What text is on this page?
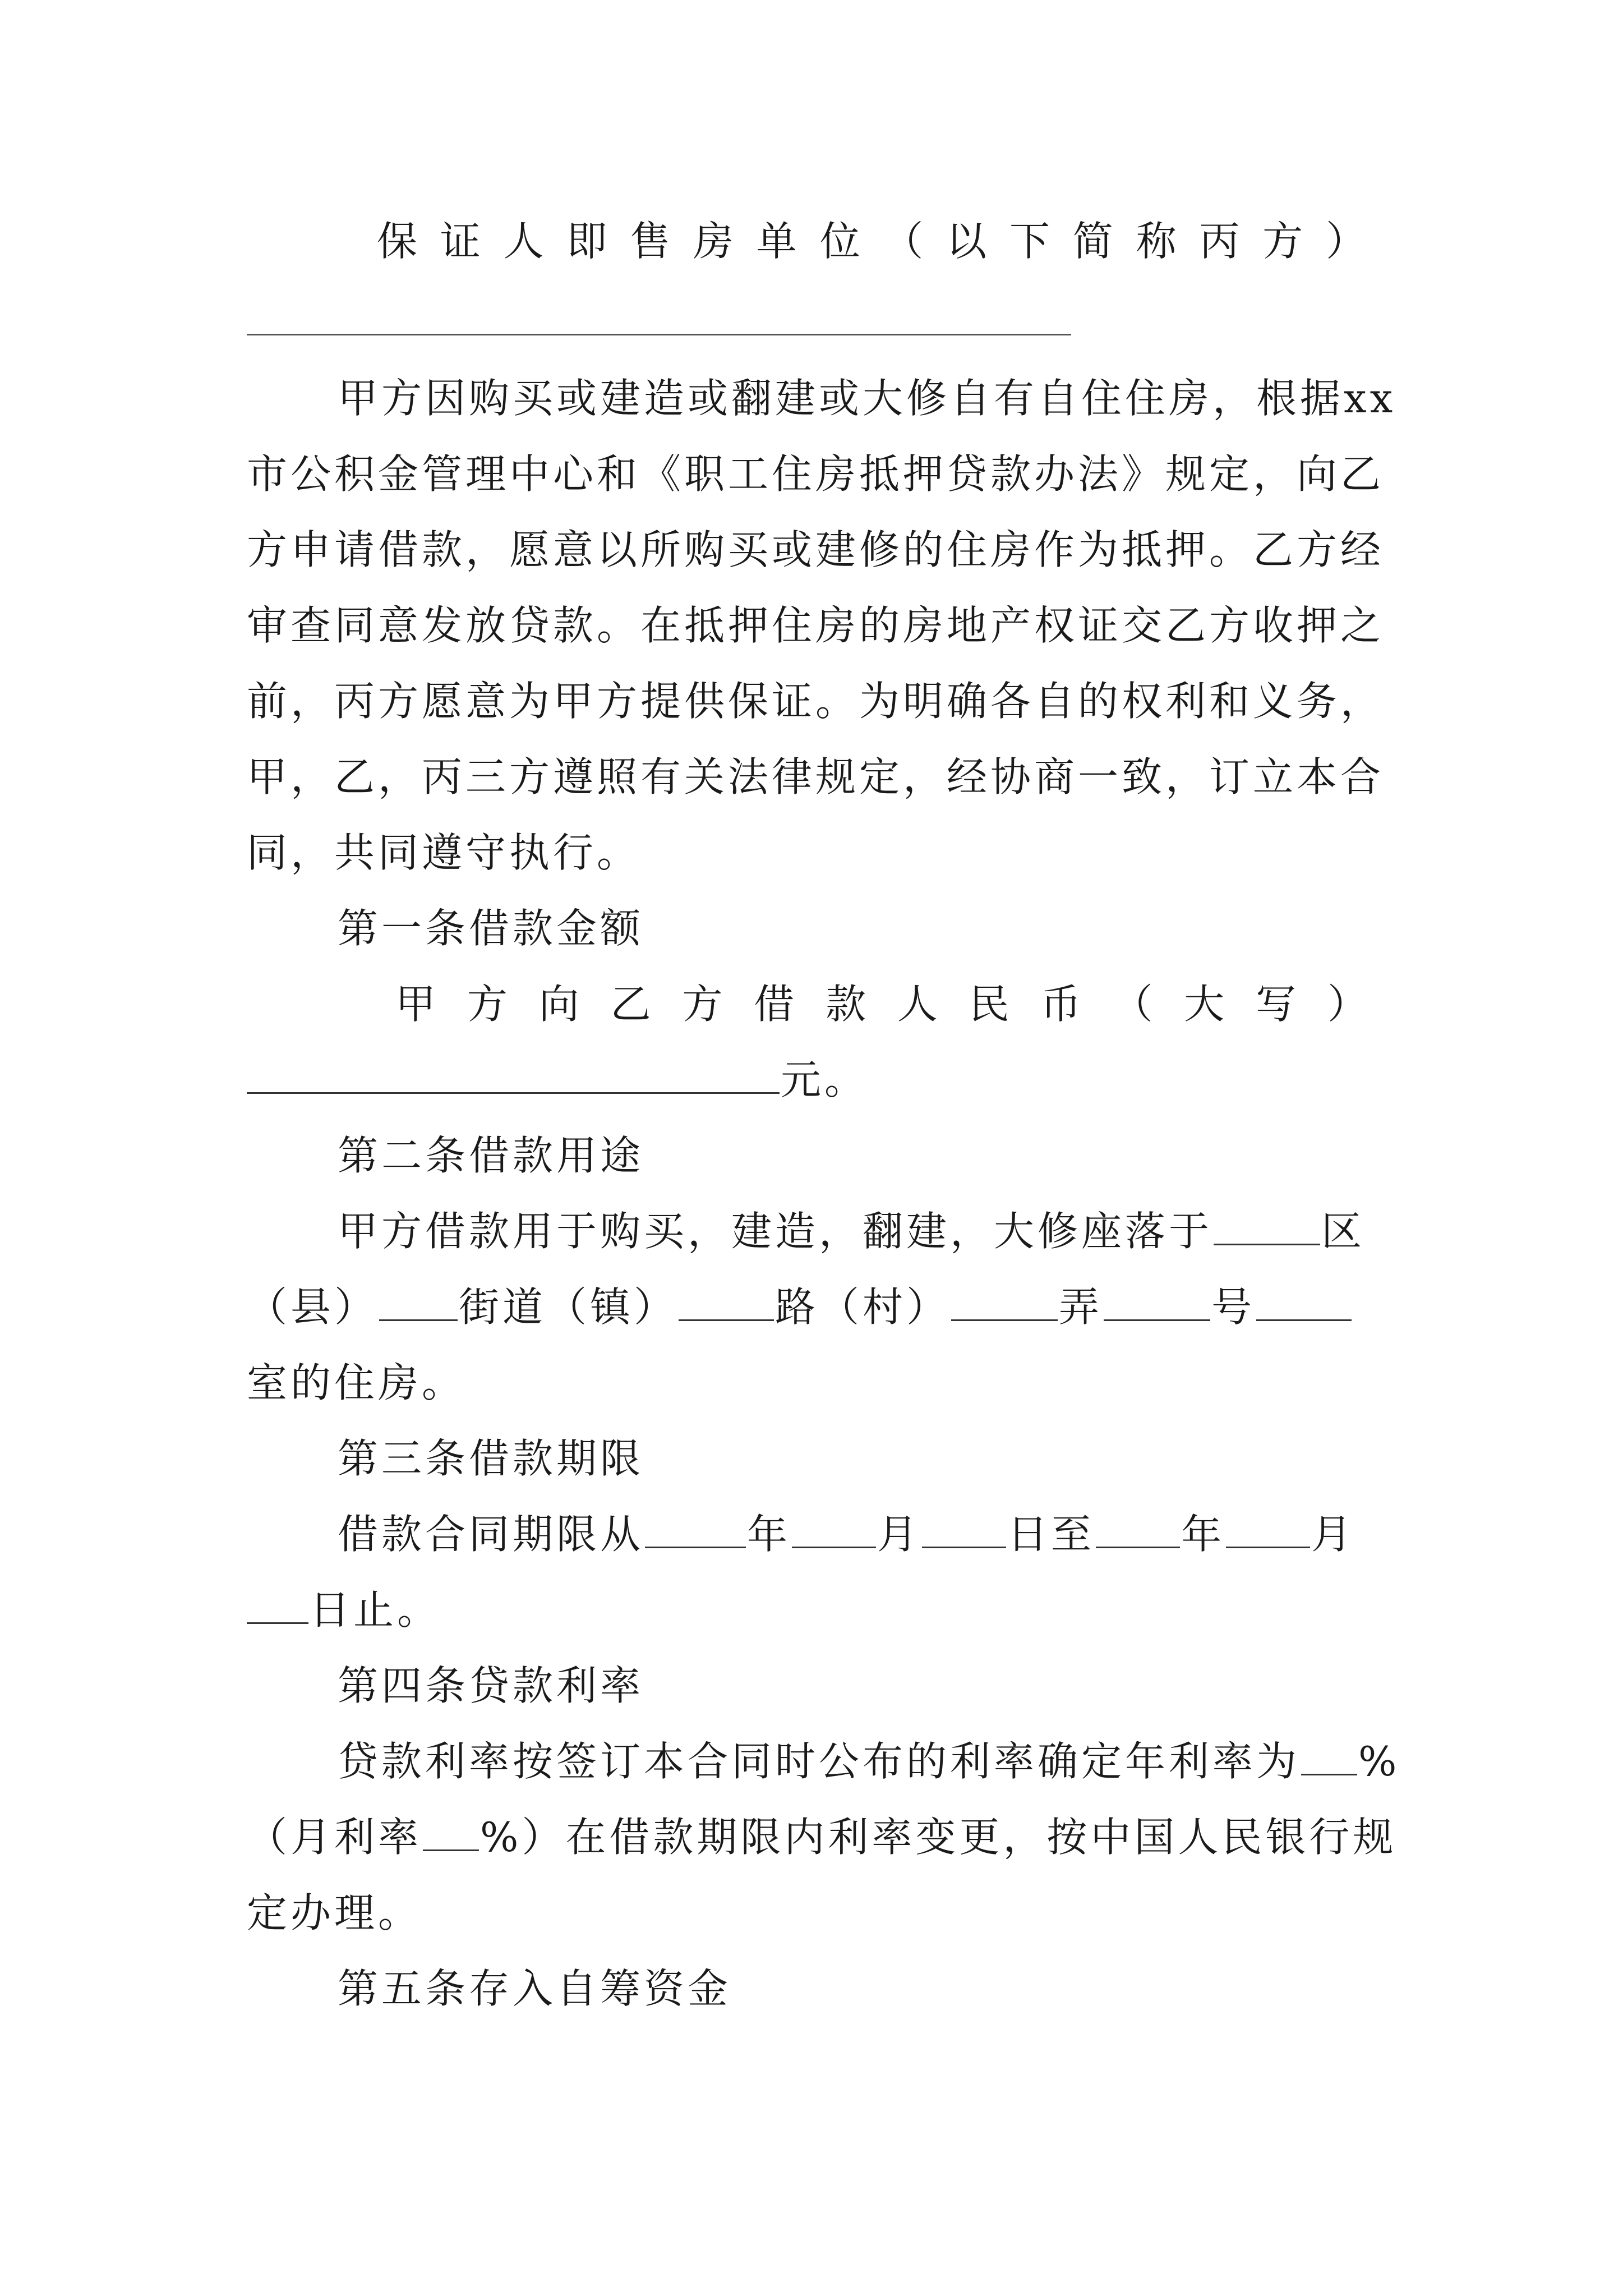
保 证 人 即 售 房 单 位 （ 以 下 简 称 丙 方 ）
甲方因购买或建造或翻建或大修自有自住住房，根据xx
市公积金管理中心和《职工住房抵押贷款办法》规定，向乙
方申请借款，愿意以所购买或建修的住房作为抵押。乙方经
审查同意发放贷款。在抵押住房的房地产权证交乙方收押之
前，丙方愿意为甲方提供保证。为明确各自的权利和义务，
甲，乙，丙三方遵照有关法律规定，经协商一致，订立本合
同，共同遵守执行。
第一条借款金额
甲 方 向 乙 方 借 款 人 民 币 （ 大 写 ）
元。
第二条借款用途
甲方借款用于购买，建造，翻建，大修座落于	区
（县） 街道（镇） 路（村）	弄	号
室的住房。
第三条借款期限
借款合同期限从	年 月 日至 年 月
日止。
第四条贷款利率
贷款利率按签订本合同时公布的利率确定年利率为 %
（月利率 %）在借款期限内利率变更，按中国人民银行规
定办理。
第五条存入自筹资金
